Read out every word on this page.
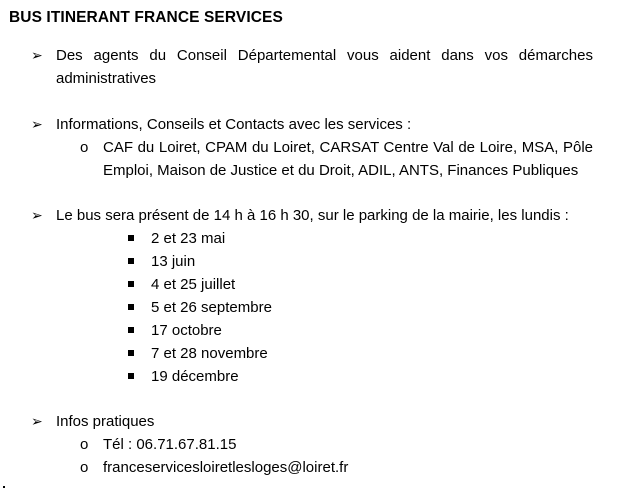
BUS ITINERANT FRANCE SERVICES
➢ Des agents du Conseil Départemental vous aident dans vos démarches administratives
➢ Informations, Conseils et Contacts avec les services :
o CAF du Loiret, CPAM du Loiret, CARSAT Centre Val de Loire, MSA, Pôle Emploi, Maison de Justice et du Droit, ADIL, ANTS, Finances Publiques
➢ Le bus sera présent de 14 h à 16 h 30, sur le parking de la mairie, les lundis :
2 et 23 mai
13 juin
4 et 25 juillet
5 et 26 septembre
17 octobre
7 et 28 novembre
19 décembre
➢ Infos pratiques
o Tél : 06.71.67.81.15
o franceservicesloiretlesloges@loiret.fr
